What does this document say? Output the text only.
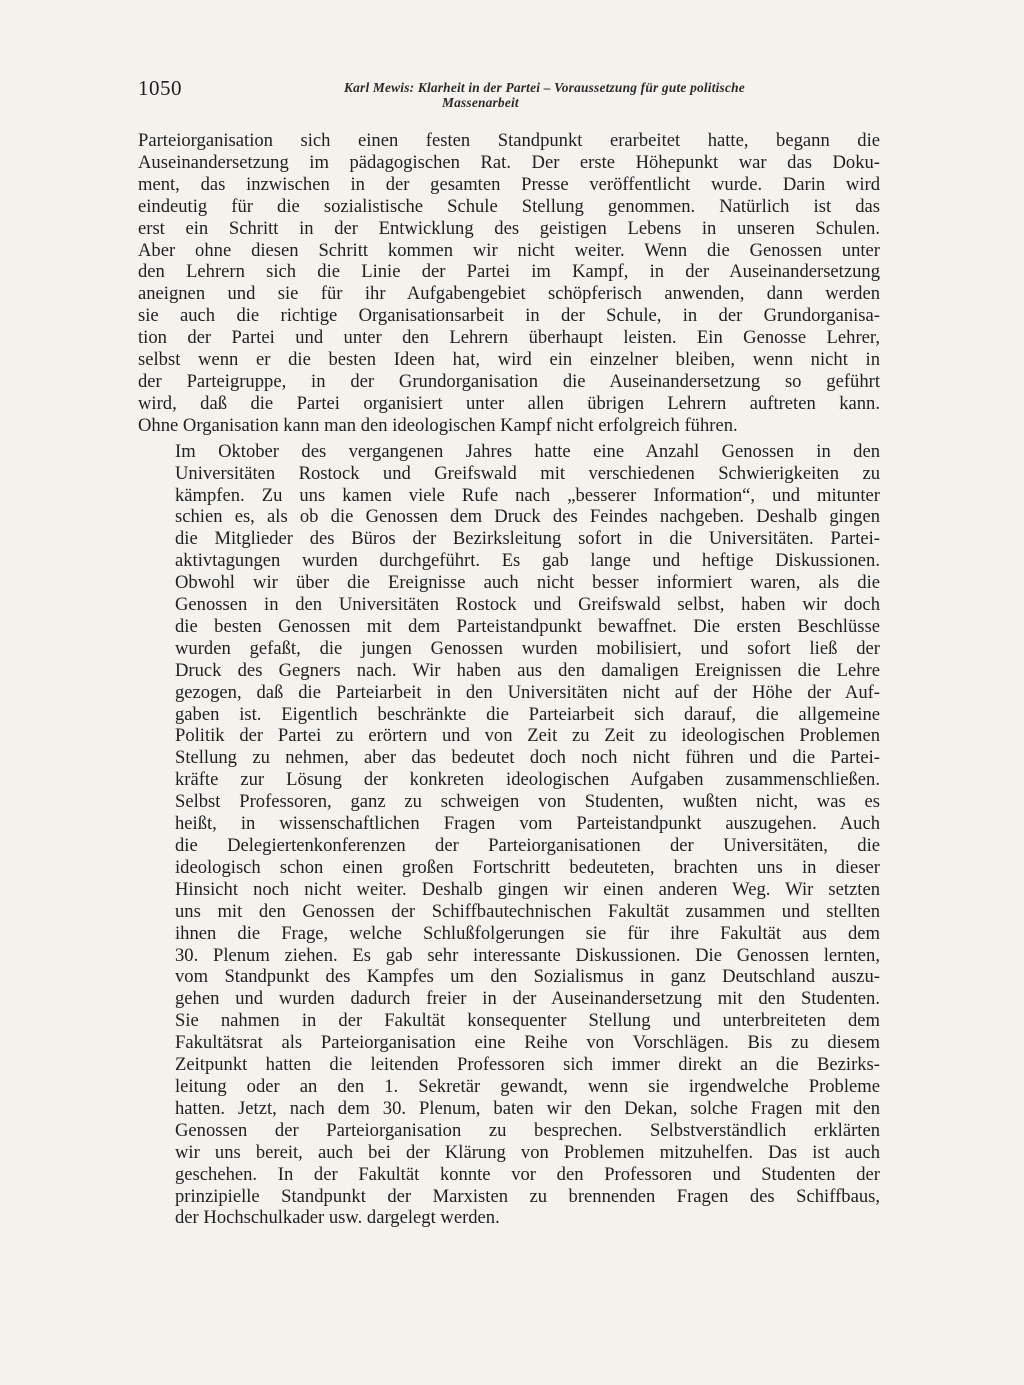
1050	Karl Mewis: Klarheit in der Partei – Voraussetzung für gute politische
Massenarbeit

Parteiorganisation sich einen festen Standpunkt erarbeitet hatte, begann die
Auseinandersetzung im pädagogischen Rat. Der erste Höhepunkt war das Doku-
ment, das inzwischen in der gesamten Presse veröffentlicht wurde. Darin wird
eindeutig für die sozialistische Schule Stellung genommen. Natürlich ist das
erst ein Schritt in der Entwicklung des geistigen Lebens in unseren Schulen.
Aber ohne diesen Schritt kommen wir nicht weiter. Wenn die Genossen unter
den Lehrern sich die Linie der Partei im Kampf, in der Auseinandersetzung
aneignen und sie für ihr Aufgabengebiet schöpferisch anwenden, dann werden
sie auch die richtige Organisationsarbeit in der Schule, in der Grundorganisa-
tion der Partei und unter den Lehrern überhaupt leisten. Ein Genosse Lehrer,
selbst wenn er die besten Ideen hat, wird ein einzelner bleiben, wenn nicht in
der Parteigruppe, in der Grundorganisation die Auseinandersetzung so geführt
wird, daß die Partei organisiert unter allen übrigen Lehrern auftreten kann.
Ohne Organisation kann man den ideologischen Kampf nicht erfolgreich führen.

Im Oktober des vergangenen Jahres hatte eine Anzahl Genossen in den
Universitäten Rostock und Greifswald mit verschiedenen Schwierigkeiten zu
kämpfen. Zu uns kamen viele Rufe nach „besserer Information“, und mitunter
schien es, als ob die Genossen dem Druck des Feindes nachgeben. Deshalb gingen
die Mitglieder des Büros der Bezirksleitung sofort in die Universitäten. Partei-
aktivtagungen wurden durchgeführt. Es gab lange und heftige Diskussionen.
Obwohl wir über die Ereignisse auch nicht besser informiert waren, als die
Genossen in den Universitäten Rostock und Greifswald selbst, haben wir doch
die besten Genossen mit dem Parteistandpunkt bewaffnet. Die ersten Beschlüsse
wurden gefaßt, die jungen Genossen wurden mobilisiert, und sofort ließ der
Druck des Gegners nach. Wir haben aus den damaligen Ereignissen die Lehre
gezogen, daß die Parteiarbeit in den Universitäten nicht auf der Höhe der Auf-
gaben ist. Eigentlich beschränkte die Parteiarbeit sich darauf, die allgemeine
Politik der Partei zu erörtern und von Zeit zu Zeit zu ideologischen Problemen
Stellung zu nehmen, aber das bedeutet doch noch nicht führen und die Partei-
kräfte zur Lösung der konkreten ideologischen Aufgaben zusammenschließen.
Selbst Professoren, ganz zu schweigen von Studenten, wußten nicht, was es
heißt, in wissenschaftlichen Fragen vom Parteistandpunkt auszugehen. Auch
die Delegiertenkonferenzen der Parteiorganisationen der Universitäten, die
ideologisch schon einen großen Fortschritt bedeuteten, brachten uns in dieser
Hinsicht noch nicht weiter. Deshalb gingen wir einen anderen Weg. Wir setzten
uns mit den Genossen der Schiffbautechnischen Fakultät zusammen und stellten
ihnen die Frage, welche Schlußfolgerungen sie für ihre Fakultät aus dem
30. Plenum ziehen. Es gab sehr interessante Diskussionen. Die Genossen lernten,
vom Standpunkt des Kampfes um den Sozialismus in ganz Deutschland auszu-
gehen und wurden dadurch freier in der Auseinandersetzung mit den Studenten.
Sie nahmen in der Fakultät konsequenter Stellung und unterbreiteten dem
Fakultätsrat als Parteiorganisation eine Reihe von Vorschlägen. Bis zu diesem
Zeitpunkt hatten die leitenden Professoren sich immer direkt an die Bezirks-
leitung oder an den 1. Sekretär gewandt, wenn sie irgendwelche Probleme
hatten. Jetzt, nach dem 30. Plenum, baten wir den Dekan, solche Fragen mit den
Genossen der Parteiorganisation zu besprechen. Selbstverständlich erklärten
wir uns bereit, auch bei der Klärung von Problemen mitzuhelfen. Das ist auch
geschehen. In der Fakultät konnte vor den Professoren und Studenten der
prinzipielle Standpunkt der Marxisten zu brennenden Fragen des Schiffbaus,
der Hochschulkader usw. dargelegt werden.
